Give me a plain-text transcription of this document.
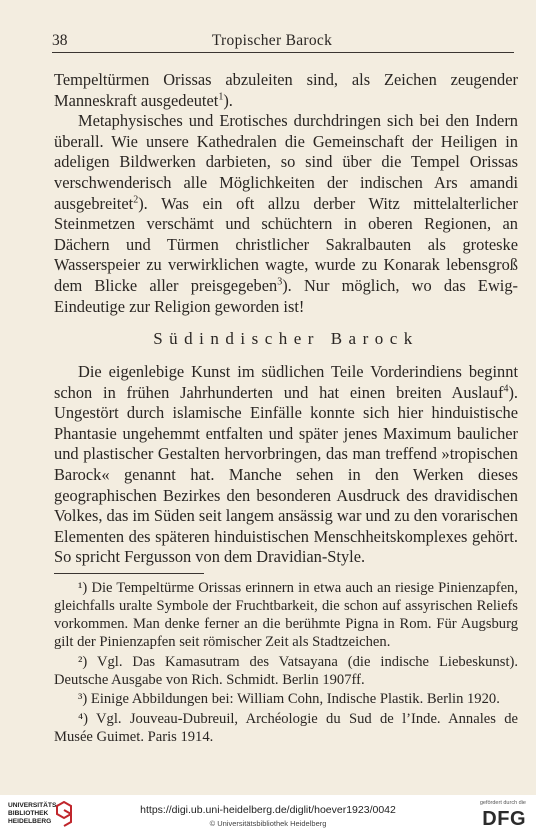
38	Tropischer Barock

Tempeltürmen Orissas abzuleiten sind, als Zeichen zeugender Manneskraft ausgedeutet$^1$).

Metaphysisches und Erotisches durchdringen sich bei den Indern überall. Wie unsere Kathedralen die Gemeinschaft der Heiligen in adeligen Bildwerken darbieten, so sind über die Tempel Orissas verschwenderisch alle Möglichkeiten der indischen Ars amandi ausgebreitet$^2$). Was ein oft allzu derber Witz mittelalterlicher Steinmetzen verschämt und schüchtern in oberen Regionen, an Dächern und Türmen christlicher Sakralbauten als groteske Wasserspeier zu verwirklichen wagte, wurde zu Konarak lebensgroß dem Blicke aller preisgegeben$^3$). Nur möglich, wo das Ewig-Eindeutige zur Religion geworden ist!

Südindischer Barock

Die eigenlebige Kunst im südlichen Teile Vorderindiens beginnt schon in frühen Jahrhunderten und hat einen breiten Auslauf$^4$). Ungestört durch islamische Einfälle konnte sich hier hinduistische Phantasie ungehemmt entfalten und später jenes Maximum baulicher und plastischer Gestalten hervorbringen, das man treffend »tropischen Barock« genannt hat. Manche sehen in den Werken dieses geographischen Bezirkes den besonderen Ausdruck des dravidischen Volkes, das im Süden seit langem ansässig war und zu den vorarischen Elementen des späteren hinduistischen Menschheitskomplexes gehört. So spricht Fergusson von dem Dravidian-Style.

¹) Die Tempeltürme Orissas erinnern in etwa auch an riesige Pinienzapfen, gleichfalls uralte Symbole der Fruchtbarkeit, die schon auf assyrischen Reliefs vorkommen. Man denke ferner an die berühmte Pigna in Rom. Für Augsburg gilt der Pinienzapfen seit römischer Zeit als Stadtzeichen.

²) Vgl. Das Kamasutram des Vatsayana (die indische Liebeskunst). Deutsche Ausgabe von Rich. Schmidt. Berlin 1907ff.

³) Einige Abbildungen bei: William Cohn, Indische Plastik. Berlin 1920.

⁴) Vgl. Jouveau-Dubreuil, Archéologie du Sud de l’Inde. Annales de Musée Guimet. Paris 1914.

UNIVERSITÄTS-
BIBLIOTHEK
HEIDELBERG
https://digi.ub.uni-heidelberg.de/diglit/hoever1923/0042
© Universitätsbibliothek Heidelberg
gefördert durch die
DFG
